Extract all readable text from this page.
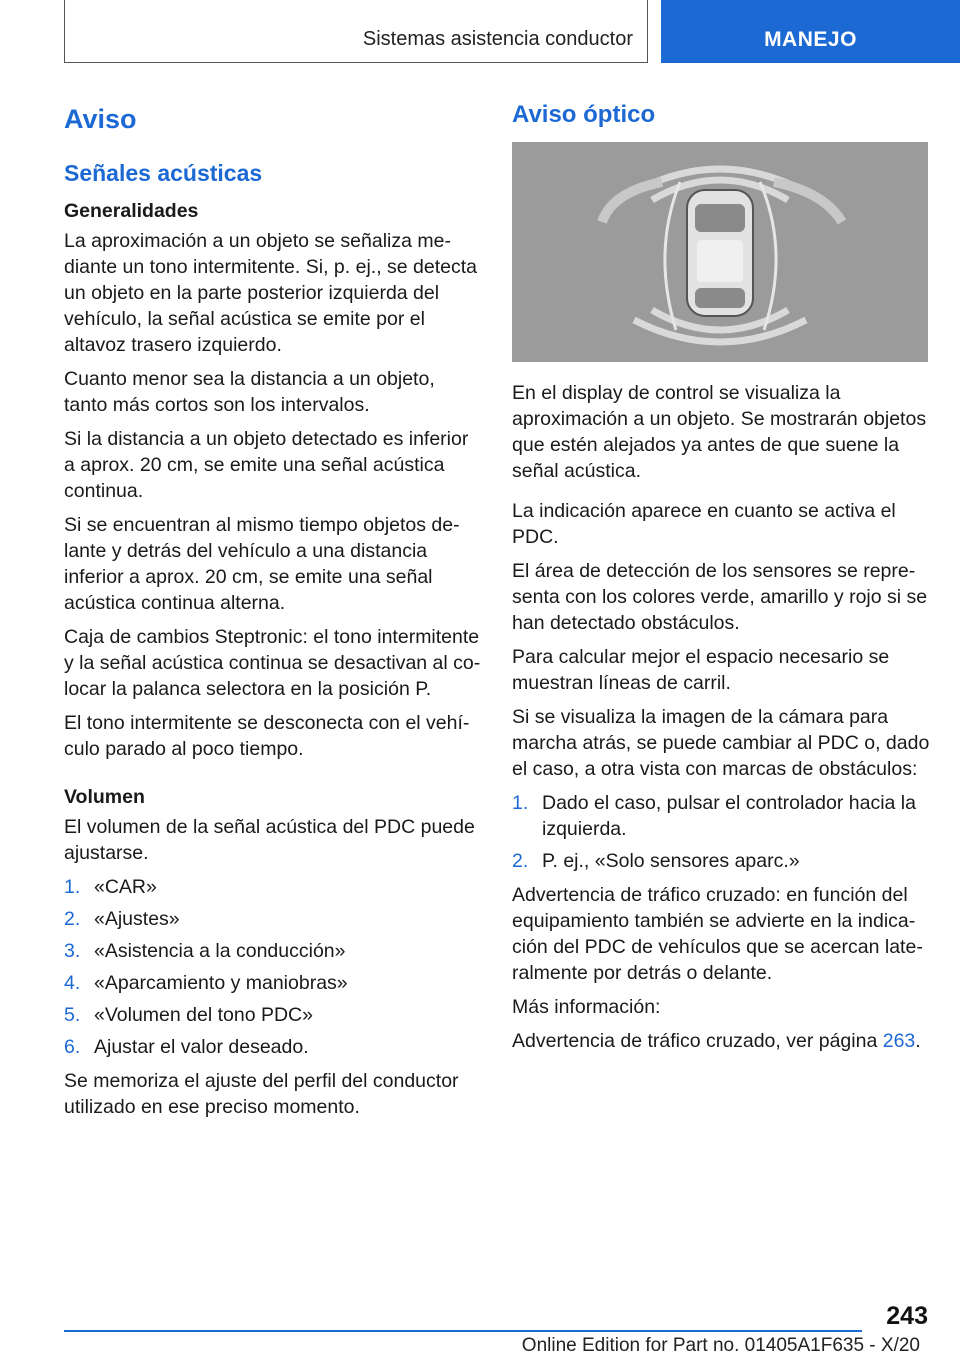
Sistemas asistencia conductor	MANEJO
Aviso
Señales acústicas
Generalidades

La aproximación a un objeto se señaliza mediante un tono intermitente. Si, p. ej., se detecta un objeto en la parte posterior izquierda del vehículo, la señal acústica se emite por el altavoz trasero izquierdo.

Cuanto menor sea la distancia a un objeto, tanto más cortos son los intervalos.

Si la distancia a un objeto detectado es inferior a aprox. 20 cm, se emite una señal acústica continua.

Si se encuentran al mismo tiempo objetos delante y detrás del vehículo a una distancia inferior a aprox. 20 cm, se emite una señal acústica continua alterna.

Caja de cambios Steptronic: el tono intermitente y la señal acústica continua se desactivan al colocar la palanca selectora en la posición P.

El tono intermitente se desconecta con el vehículo parado al poco tiempo.

Volumen

El volumen de la señal acústica del PDC puede ajustarse.

1. «CAR»
2. «Ajustes»
3. «Asistencia a la conducción»
4. «Aparcamiento y maniobras»
5. «Volumen del tono PDC»
6. Ajustar el valor deseado.

Se memoriza el ajuste del perfil del conductor utilizado en ese preciso momento.

Aviso óptico

En el display de control se visualiza la aproximación a un objeto. Se mostrarán objetos que estén alejados ya antes de que suene la señal acústica.

La indicación aparece en cuanto se activa el PDC.

El área de detección de los sensores se representa con los colores verde, amarillo y rojo si se han detectado obstáculos.

Para calcular mejor el espacio necesario se muestran líneas de carril.

Si se visualiza la imagen de la cámara para marcha atrás, se puede cambiar al PDC o, dado el caso, a otra vista con marcas de obstáculos:

1. Dado el caso, pulsar el controlador hacia la izquierda.
2. P. ej., «Solo sensores aparc.»

Advertencia de tráfico cruzado: en función del equipamiento también se advierte en la indicación del PDC de vehículos que se acercan lateralmente por detrás o delante.

Más información:

Advertencia de tráfico cruzado, ver página 263.

243
Online Edition for Part no. 01405A1F635 - X/20
